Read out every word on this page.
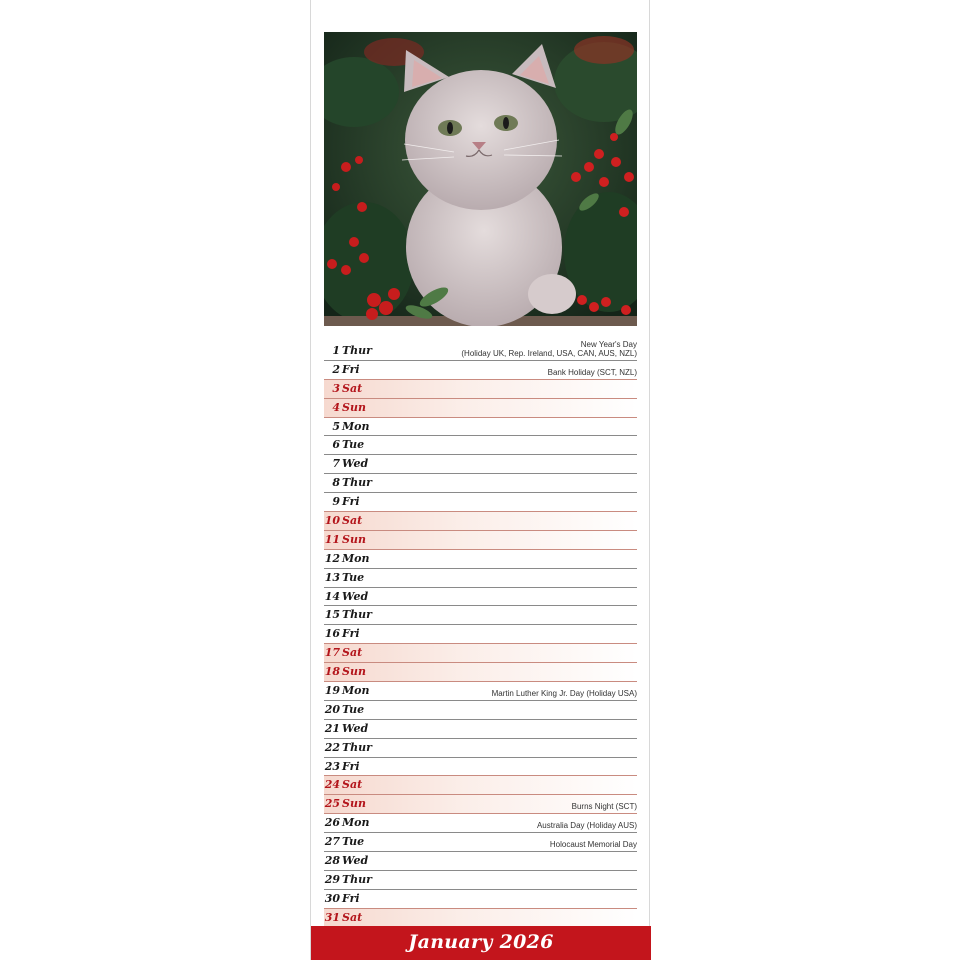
1 Thur	New Year's Day
(Holiday UK, Rep. Ireland, USA, CAN, AUS, NZL)
2 Fri	Bank Holiday (SCT, NZL)
3 Sat
4 Sun
5 Mon
6 Tue
7 Wed
8 Thur
9 Fri
10 Sat
11 Sun
12 Mon
13 Tue
14 Wed
15 Thur
16 Fri
17 Sat
18 Sun
19 Mon	Martin Luther King Jr. Day (Holiday USA)
20 Tue
21 Wed
22 Thur
23 Fri
24 Sat
25 Sun	Burns Night (SCT)
26 Mon	Australia Day (Holiday AUS)
27 Tue	Holocaust Memorial Day
28 Wed
29 Thur
30 Fri
31 Sat
January 2026
